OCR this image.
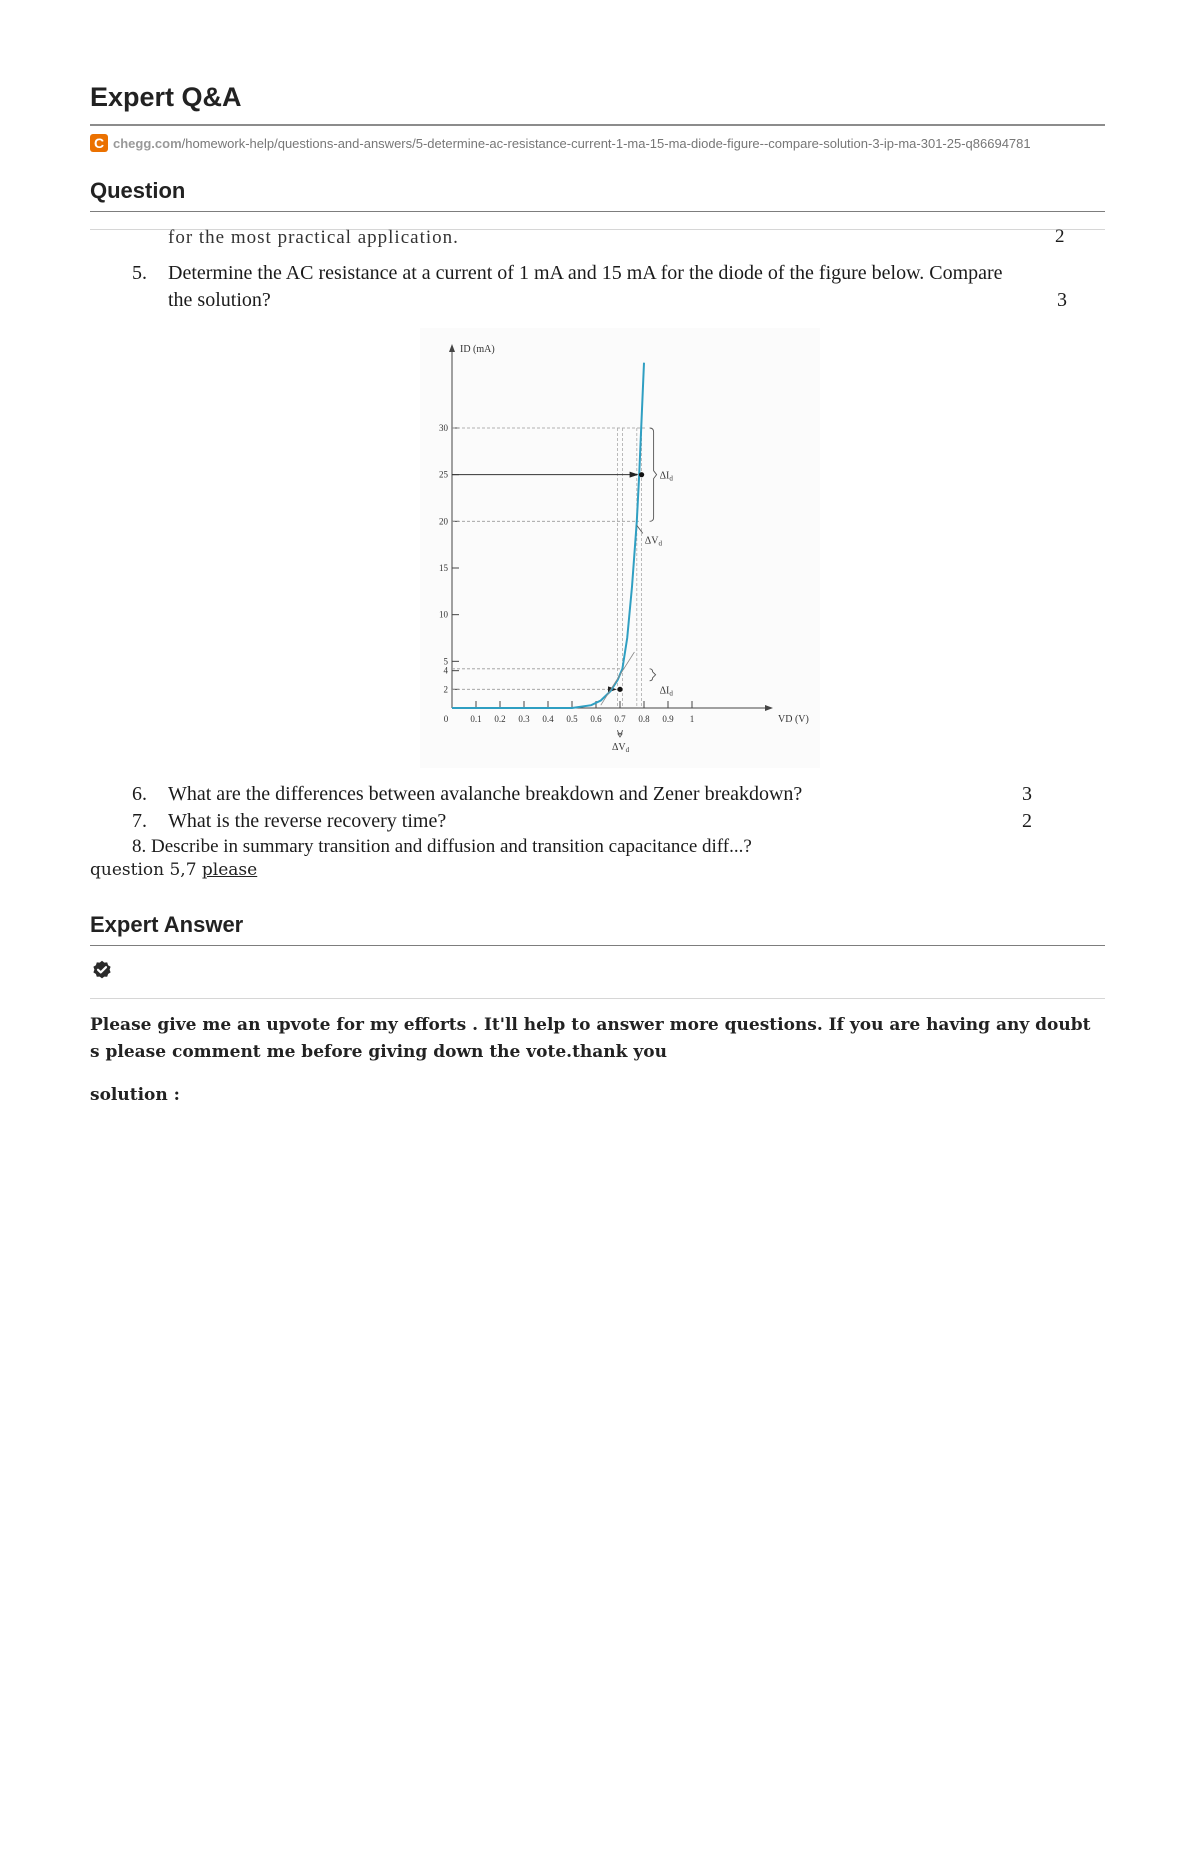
Expert Q&A
C chegg.com /homework-help/questions-and-answers/5-determine-ac-resistance-current-1-ma-15-ma-diode-figure--compare-solution-3-ip-ma-301-25-q86694781
Question
for the most practical application.	2
5. Determine the AC resistance at a current of 1 mA and 15 mA for the diode of the figure below. Compare
the solution?	3
ID (mA)
VD (V)
0.1 0.2 0.3 0.4 0.5 0.6 0.7 0.8 0.9 1
0
2
4
5
10
15
20
25
30
$\Delta I_d$
$\Delta V_d$
$\Delta I_d$
$\Delta V_d$
6. What are the differences between avalanche breakdown and Zener breakdown?	3
7. What is the reverse recovery time?	2
8. Describe in summary transition and diffusion and transition capacitance diff...?
question 5,7 please
Expert Answer
Please give me an upvote for my efforts . It'll help to answer more questions. If you are having any doubt s please comment me before giving down the vote.thank you
solution :
